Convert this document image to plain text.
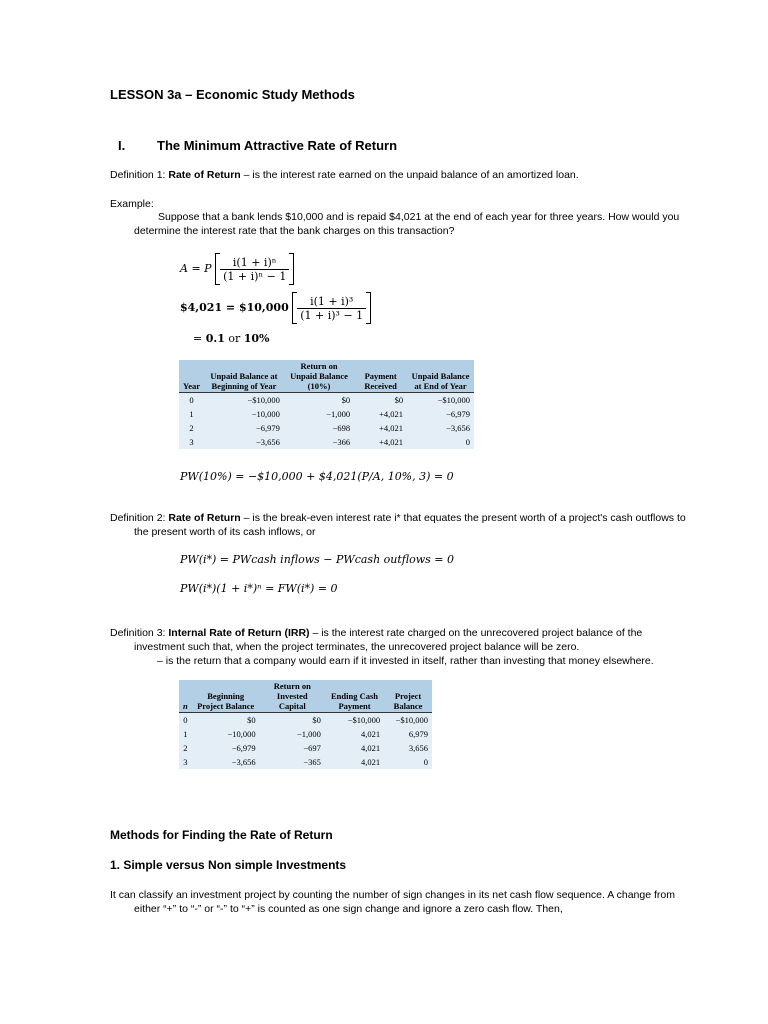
LESSON 3a – Economic Study Methods
I. The Minimum Attractive Rate of Return
Definition 1: Rate of Return – is the interest rate earned on the unpaid balance of an amortized loan.
Example:
Suppose that a bank lends $10,000 and is repaid $4,021 at the end of each year for three years. How would you
determine the interest rate that the bank charges on this transaction?
A = P $\frac{\text{i(1 + i)ⁿ}}{\text{(1 + i)ⁿ − 1}}$
$4,021 = $10,000 $\frac{\text{i(1 + i)³}}{\text{(1 + i)³ − 1}}$
= 0.1 or 10%
Year	Unpaid Balance at Beginning of Year	Return on Unpaid Balance (10%)	Payment Received	Unpaid Balance at End of Year
0	−$10,000	$0	$0	−$10,000
1	−10,000	−1,000	+4,021	−6,979
2	−6,979	−698	+4,021	−3,656
3	−3,656	−366	+4,021	0
PW(10%) = −$10,000 + $4,021(P/A, 10%, 3) = 0
Definition 2: Rate of Return – is the break-even interest rate i* that equates the present worth of a project's cash outflows to
the present worth of its cash inflows, or
PW(i*) = PWcash inflows − PWcash outflows = 0
PW(i*)(1 + i*)ⁿ = FW(i*) = 0
Definition 3: Internal Rate of Return (IRR) – is the interest rate charged on the unrecovered project balance of the
investment such that, when the project terminates, the unrecovered project balance will be zero.
– is the return that a company would earn if it invested in itself, rather than investing that money elsewhere.
n	Beginning Project Balance	Return on Invested Capital	Ending Cash Payment	Project Balance
0	$0	$0	−$10,000	−$10,000
1	−10,000	−1,000	4,021	6,979
2	−6,979	−697	4,021	3,656
3	−3,656	−365	4,021	0
Methods for Finding the Rate of Return
1. Simple versus Non simple Investments
It can classify an investment project by counting the number of sign changes in its net cash flow sequence. A change from
either “+” to “-” or “-” to “+” is counted as one sign change and ignore a zero cash flow. Then,
